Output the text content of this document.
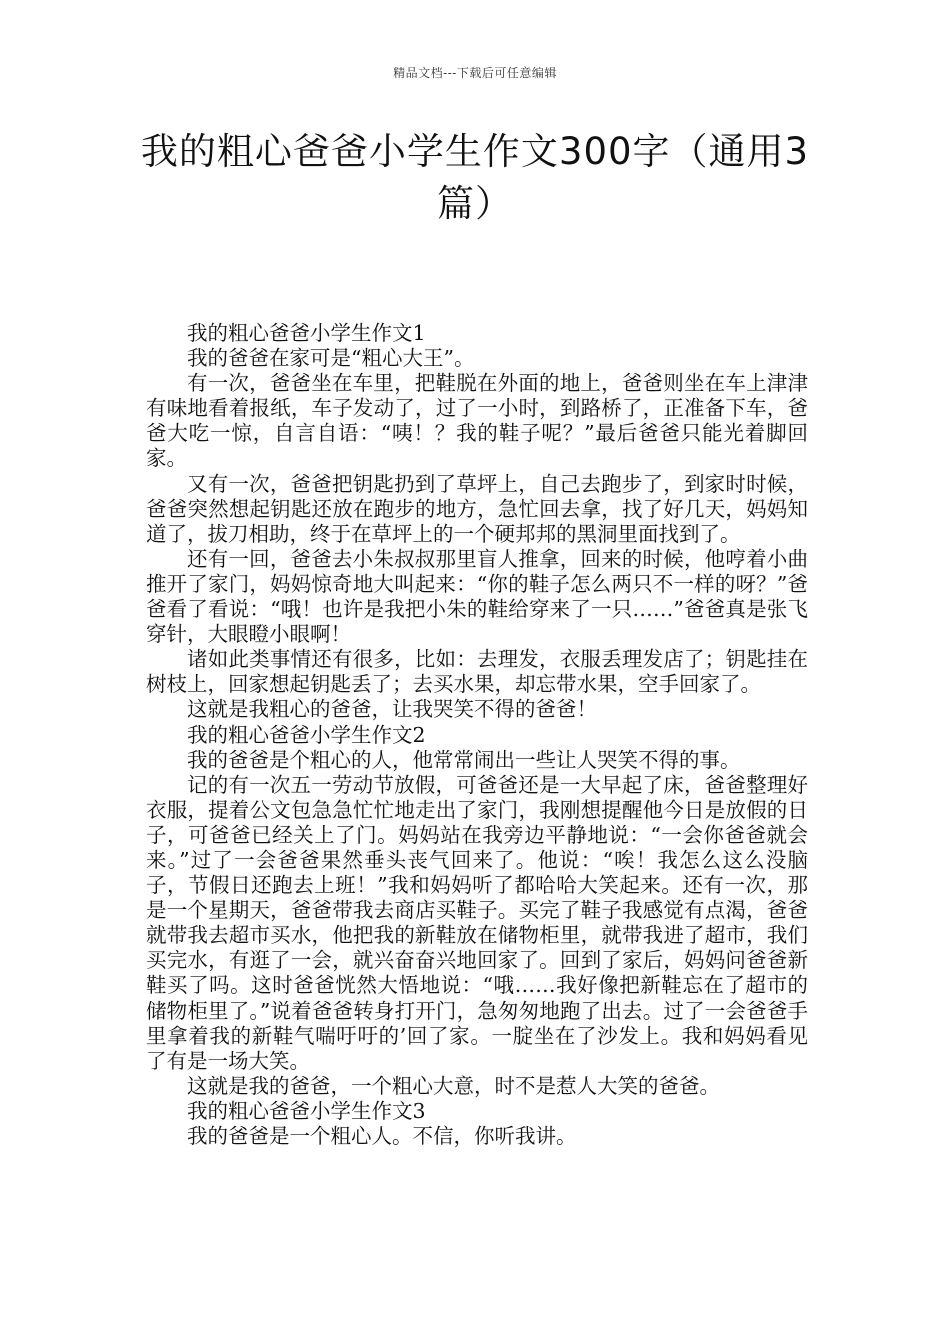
精品文档---下载后可任意编辑
我的粗心爸爸小学生作文300字（通用3篇）

我的粗心爸爸小学生作文1

我的爸爸在家可是“粗心大王”。

有一次，爸爸坐在车里，把鞋脱在外面的地上，爸爸则坐在车上津津有味地看着报纸，车子发动了，过了一小时，到路桥了，正准备下车，爸爸大吃一惊，自言自语：“咦！？我的鞋子呢？”最后爸爸只能光着脚回家。

又有一次，爸爸把钥匙扔到了草坪上，自己去跑步了，到家时时候，爸爸突然想起钥匙还放在跑步的地方，急忙回去拿，找了好几天，妈妈知道了，拔刀相助，终于在草坪上的一个硬邦邦的黑洞里面找到了。

还有一回，爸爸去小朱叔叔那里盲人推拿，回来的时候，他哼着小曲推开了家门，妈妈惊奇地大叫起来：“你的鞋子怎么两只不一样的呀？”爸爸看了看说：“哦！也许是我把小朱的鞋给穿来了一只……”爸爸真是张飞穿针，大眼瞪小眼啊！

诸如此类事情还有很多，比如：去理发，衣服丢理发店了；钥匙挂在树枝上，回家想起钥匙丢了；去买水果，却忘带水果，空手回家了。

这就是我粗心的爸爸，让我哭笑不得的爸爸！

我的粗心爸爸小学生作文2

我的爸爸是个粗心的人，他常常闹出一些让人哭笑不得的事。

记的有一次五一劳动节放假，可爸爸还是一大早起了床，爸爸整理好衣服，提着公文包急急忙忙地走出了家门，我刚想提醒他今日是放假的日子，可爸爸已经关上了门。妈妈站在我旁边平静地说：“一会你爸爸就会来。”过了一会爸爸果然垂头丧气回来了。他说：“唉！我怎么这么没脑子，节假日还跑去上班！”我和妈妈听了都哈哈大笑起来。还有一次，那是一个星期天，爸爸带我去商店买鞋子。买完了鞋子我感觉有点渴，爸爸就带我去超市买水，他把我的新鞋放在储物柜里，就带我进了超市，我们买完水，有逛了一会，就兴奋奋兴地回家了。回到了家后，妈妈问爸爸新鞋买了吗。这时爸爸恍然大悟地说：“哦……我好像把新鞋忘在了超市的储物柜里了。”说着爸爸转身打开门，急匆匆地跑了出去。过了一会爸爸手里拿着我的新鞋气喘吁吁的’回了家。一腚坐在了沙发上。我和妈妈看见了有是一场大笑。

这就是我的爸爸，一个粗心大意，时不是惹人大笑的爸爸。

我的粗心爸爸小学生作文3

我的爸爸是一个粗心人。不信，你听我讲。
